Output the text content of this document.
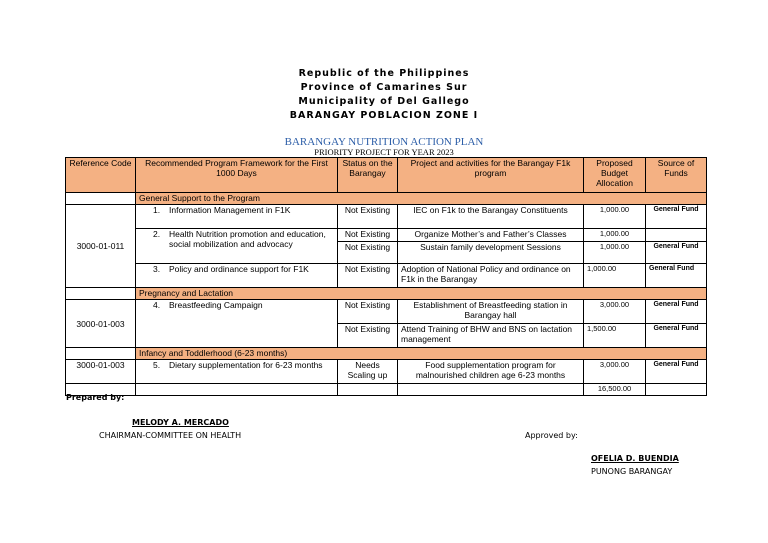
Republic of the Philippines
Province of Camarines Sur
Municipality of Del Gallego
BARANGAY POBLACION ZONE I
BARANGAY NUTRITION ACTION PLAN
PRIORITY PROJECT FOR YEAR 2023
Reference Code	Recommended Program Framework for the First 1000 Days	Status on the Barangay	Project and activities for the Barangay F1k program	Proposed Budget Allocation	Source of Funds
	General Support to the Program				
3000-01-011	1. Information Management in F1K	Not Existing	IEC on F1k to the Barangay Constituents	1,000.00	General Fund

	2. Health Nutrition promotion and education, social mobilization and advocacy	Not Existing	Organize Mother’s and Father’s Classes	1,000.00	
		Not Existing	Sustain family development Sessions	1,000.00	General Fund

	3. Policy and ordinance support for F1K	Not Existing	Adoption of National Policy and ordinance on F1k in the Barangay	1,000.00	General Fund
	Pregnancy and Lactation				
3000-01-003	4. Breastfeeding Campaign	Not Existing	Establishment of Breastfeeding station in Barangay hall	3,000.00	General Fund
		Not Existing	Attend Training of BHW and BNS on lactation management	1,500.00	General Fund
	Infancy and Toddlerhood (6-23 months)				
3000-01-003	5. Dietary supplementation for 6-23 months	Needs Scaling up	Food supplementation program for malnourished children age 6-23 months	3,000.00	General Fund
				16,500.00	
Prepared by:
MELODY A. MERCADO
CHAIRMAN-COMMITTEE ON HEALTH	Approved by:
OFELIA D. BUENDIA
PUNONG BARANGAY
